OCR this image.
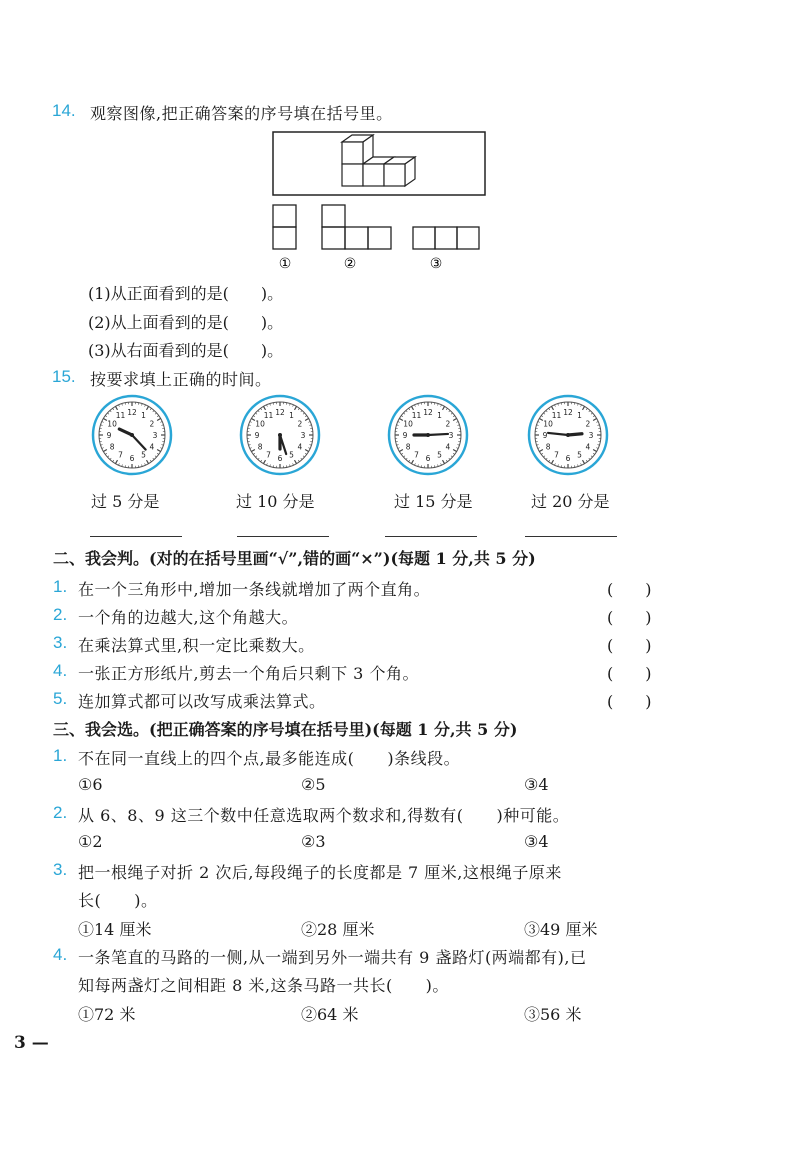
14. 观察图像,把正确答案的序号填在括号里。
①	②	③
(1)从正面看到的是(　　)。
(2)从上面看到的是(　　)。
(3)从右面看到的是(　　)。
15. 按要求填上正确的时间。
12 1
2
3
4
5
6
7
8
9
10
11	12 1
2
3
4
5
6
7
8
9
10
11	12 1
2
3
4
5
6
7
8
9
10
11	12 1
2
3
4
5
6
7
8
9
10
11
过 5 分是	过 10 分是	过 15 分是	过 20 分是
二、我会判。(对的在括号里画“√”,错的画“×”)(每题 1 分,共 5 分)
1. 在一个三角形中,增加一条线就增加了两个直角。	(　　)
2. 一个角的边越大,这个角越大。	(　　)
3. 在乘法算式里,积一定比乘数大。	(　　)
4. 一张正方形纸片,剪去一个角后只剩下 3 个角。	(　　)
5. 连加算式都可以改写成乘法算式。	(　　)
三、我会选。(把正确答案的序号填在括号里)(每题 1 分,共 5 分)
1. 不在同一直线上的四个点,最多能连成(　　)条线段。
①6	②5	③4
2. 从 6、8、9 这三个数中任意选取两个数求和,得数有(　　)种可能。
①2	②3	③4
3. 把一根绳子对折 2 次后,每段绳子的长度都是 7 厘米,这根绳子原来
长(　　)。
①14 厘米	②28 厘米	③49 厘米
4. 一条笔直的马路的一侧,从一端到另外一端共有 9 盏路灯(两端都有),已
知每两盏灯之间相距 8 米,这条马路一共长(　　)。
①72 米	②64 米	③56 米
3 —
